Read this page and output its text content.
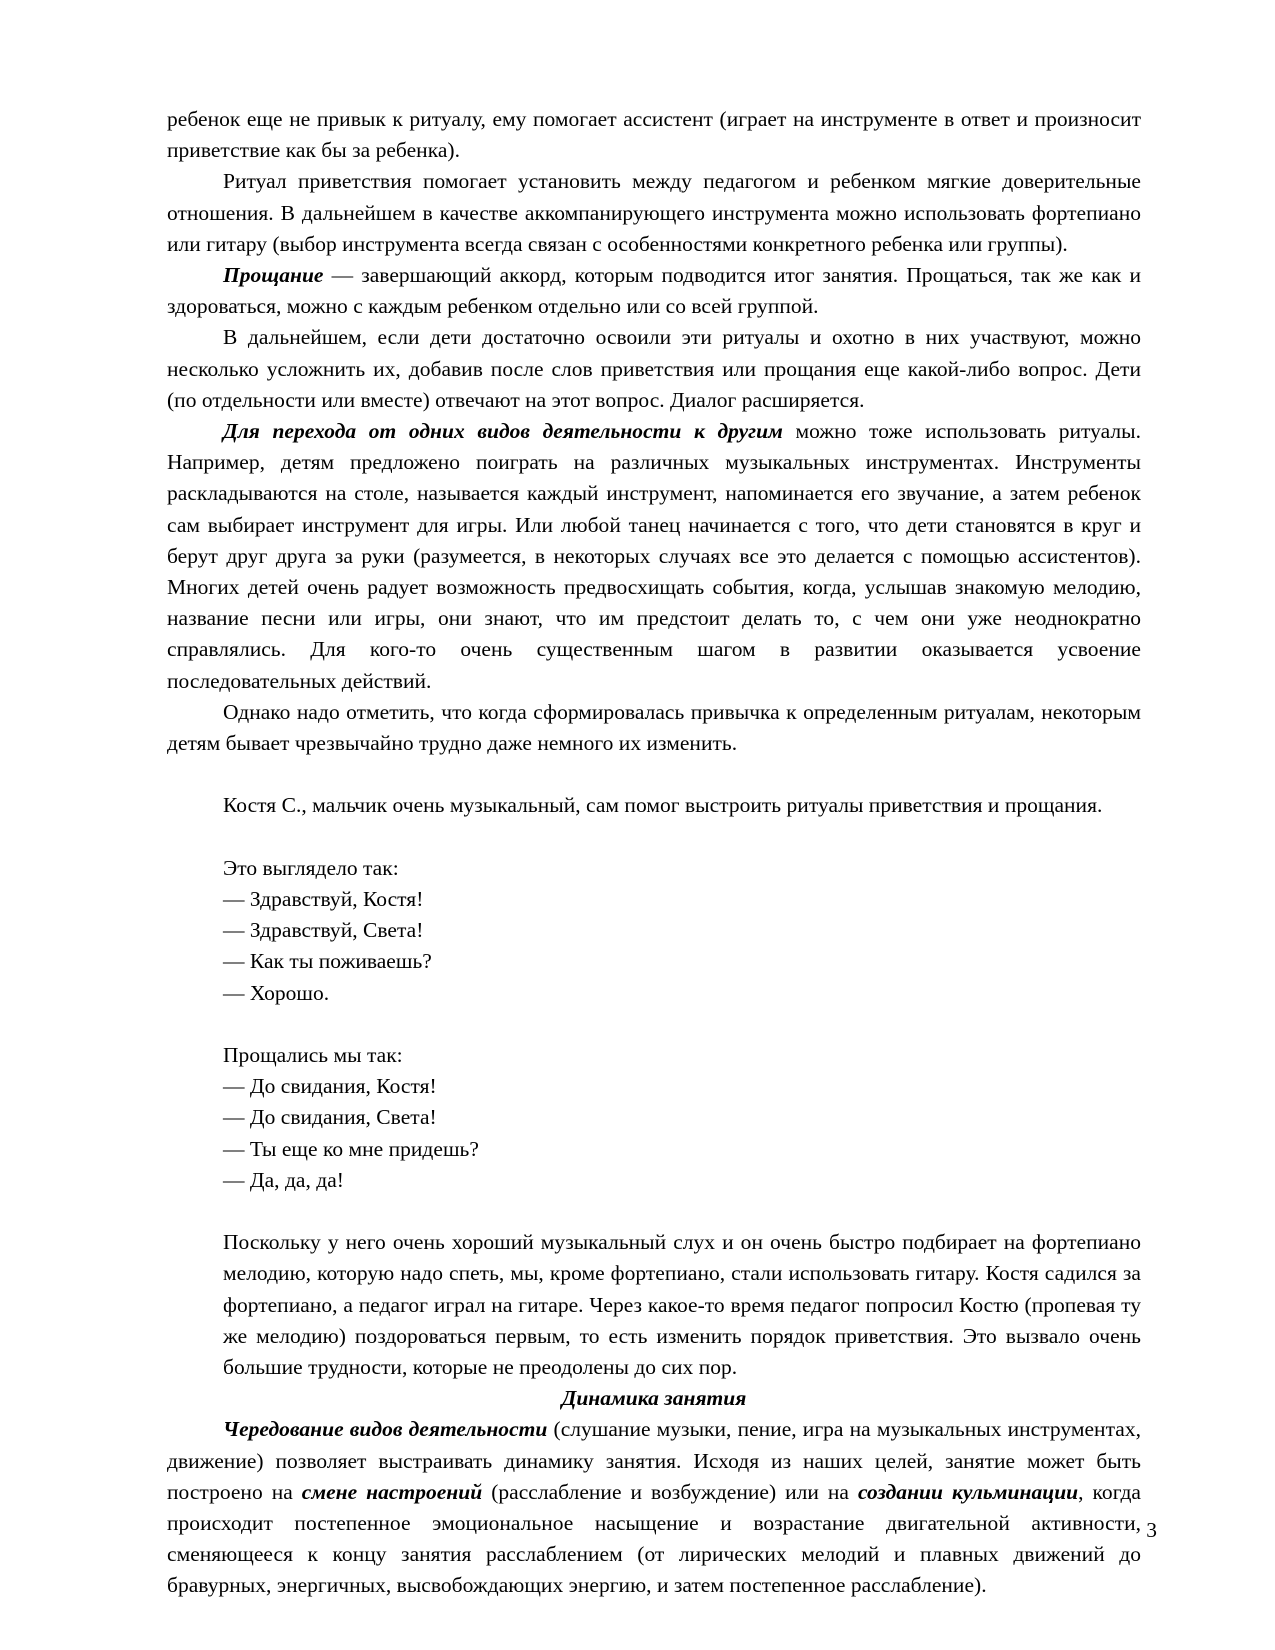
ребенок еще не привык к ритуалу, ему помогает ассистент (играет на инструменте в ответ и произносит приветствие как бы за ребенка).

Ритуал приветствия помогает установить между педагогом и ребенком мягкие доверительные отношения. В дальнейшем в качестве аккомпанирующего инструмента можно использовать фортепиано или гитару (выбор инструмента всегда связан с особенностями конкретного ребенка или группы).

Прощание — завершающий аккорд, которым подводится итог занятия. Прощаться, так же как и здороваться, можно с каждым ребенком отдельно или со всей группой.

В дальнейшем, если дети достаточно освоили эти ритуалы и охотно в них участвуют, можно несколько усложнить их, добавив после слов приветствия или прощания еще какой-либо вопрос. Дети (по отдельности или вместе) отвечают на этот вопрос. Диалог расширяется.

Для перехода от одних видов деятельности к другим можно тоже использовать ритуалы. Например, детям предложено поиграть на различных музыкальных инструментах. Инструменты раскладываются на столе, называется каждый инструмент, напоминается его звучание, а затем ребенок сам выбирает инструмент для игры. Или любой танец начинается с того, что дети становятся в круг и берут друг друга за руки (разумеется, в некоторых случаях все это делается с помощью ассистентов). Многих детей очень радует возможность предвосхищать события, когда, услышав знакомую мелодию, название песни или игры, они знают, что им предстоит делать то, с чем они уже неоднократно справлялись. Для кого-то очень существенным шагом в развитии оказывается усвоение последовательных действий.

Однако надо отметить, что когда сформировалась привычка к определенным ритуалам, некоторым детям бывает чрезвычайно трудно даже немного их изменить.

Костя С., мальчик очень музыкальный, сам помог выстроить ритуалы приветствия и прощания.

Это выглядело так:

— Здравствуй, Костя!

— Здравствуй, Света!

— Как ты поживаешь?

— Хорошо.

Прощались мы так:

— До свидания, Костя!

— До свидания, Света!

— Ты еще ко мне придешь?

— Да, да, да!

Поскольку у него очень хороший музыкальный слух и он очень быстро подбирает на фортепиано мелодию, которую надо спеть, мы, кроме фортепиано, стали использовать гитару. Костя садился за фортепиано, а педагог играл на гитаре. Через какое-то время педагог попросил Костю (пропевая ту же мелодию) поздороваться первым, то есть изменить порядок приветствия. Это вызвало очень большие трудности, которые не преодолены до сих пор.

Динамика занятия

Чередование видов деятельности (слушание музыки, пение, игра на музыкальных инструментах, движение) позволяет выстраивать динамику занятия. Исходя из наших целей, занятие может быть построено на смене настроений (расслабление и возбуждение) или на создании кульминации, когда происходит постепенное эмоциональное насыщение и возрастание двигательной активности, сменяющееся к концу занятия расслаблением (от лирических мелодий и плавных движений до бравурных, энергичных, высвобождающих энергию, и затем постепенное расслабление).

3
